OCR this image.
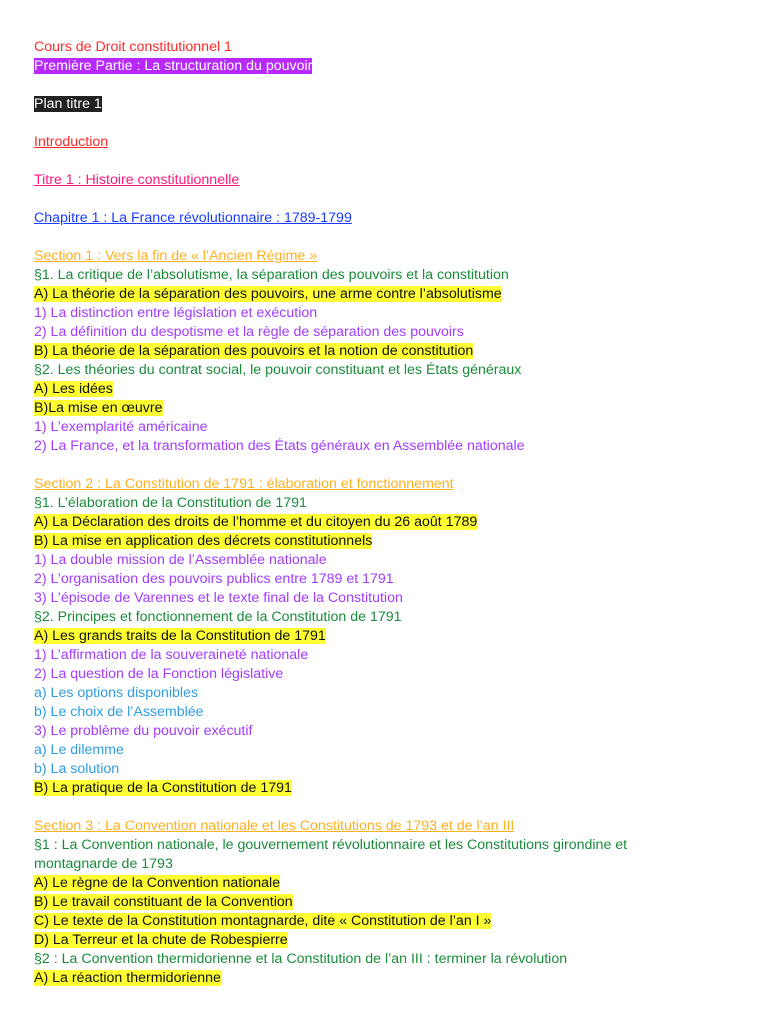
Cours de Droit constitutionnel 1
Première Partie : La structuration du pouvoir
Plan titre 1
Introduction
Titre 1 : Histoire constitutionnelle
Chapitre 1 : La France révolutionnaire : 1789-1799
Section 1 : Vers la fin de « l’Ancien Régime »
§1. La critique de l’absolutisme, la séparation des pouvoirs et la constitution
A) La théorie de la séparation des pouvoirs, une arme contre l’absolutisme
1) La distinction entre législation et exécution
2) La définition du despotisme et la règle de séparation des pouvoirs
B) La théorie de la séparation des pouvoirs et la notion de constitution
§2. Les théories du contrat social, le pouvoir constituant et les États généraux
A) Les idées
B)La mise en œuvre
1) L’exemplarité américaine
2) La France, et la transformation des États généraux en Assemblée nationale
Section 2 : La Constitution de 1791 : élaboration et fonctionnement
§1. L’élaboration de la Constitution de 1791
A) La Déclaration des droits de l’homme et du citoyen du 26 août 1789
B) La mise en application des décrets constitutionnels
1) La double mission de l’Assemblée nationale
2) L’organisation des pouvoirs publics entre 1789 et 1791
3) L’épisode de Varennes et le texte final de la Constitution
§2. Principes et fonctionnement de la Constitution de 1791
A) Les grands traits de la Constitution de 1791
1) L’affirmation de la souveraineté nationale
2) La question de la Fonction législative
a) Les options disponibles
b) Le choix de l’Assemblée
3) Le problème du pouvoir exécutif
a) Le dilemme
b) La solution
B) La pratique de la Constitution de 1791
Section 3 : La Convention nationale et les Constitutions de 1793 et de l’an III
§1 : La Convention nationale, le gouvernement révolutionnaire et les Constitutions girondine et montagnarde de 1793
A) Le règne de la Convention nationale
B) Le travail constituant de la Convention
C) Le texte de la Constitution montagnarde, dite « Constitution de l’an I »
D) La Terreur et la chute de Robespierre
§2 : La Convention thermidorienne et la Constitution de l’an III : terminer la révolution
A) La réaction thermidorienne
